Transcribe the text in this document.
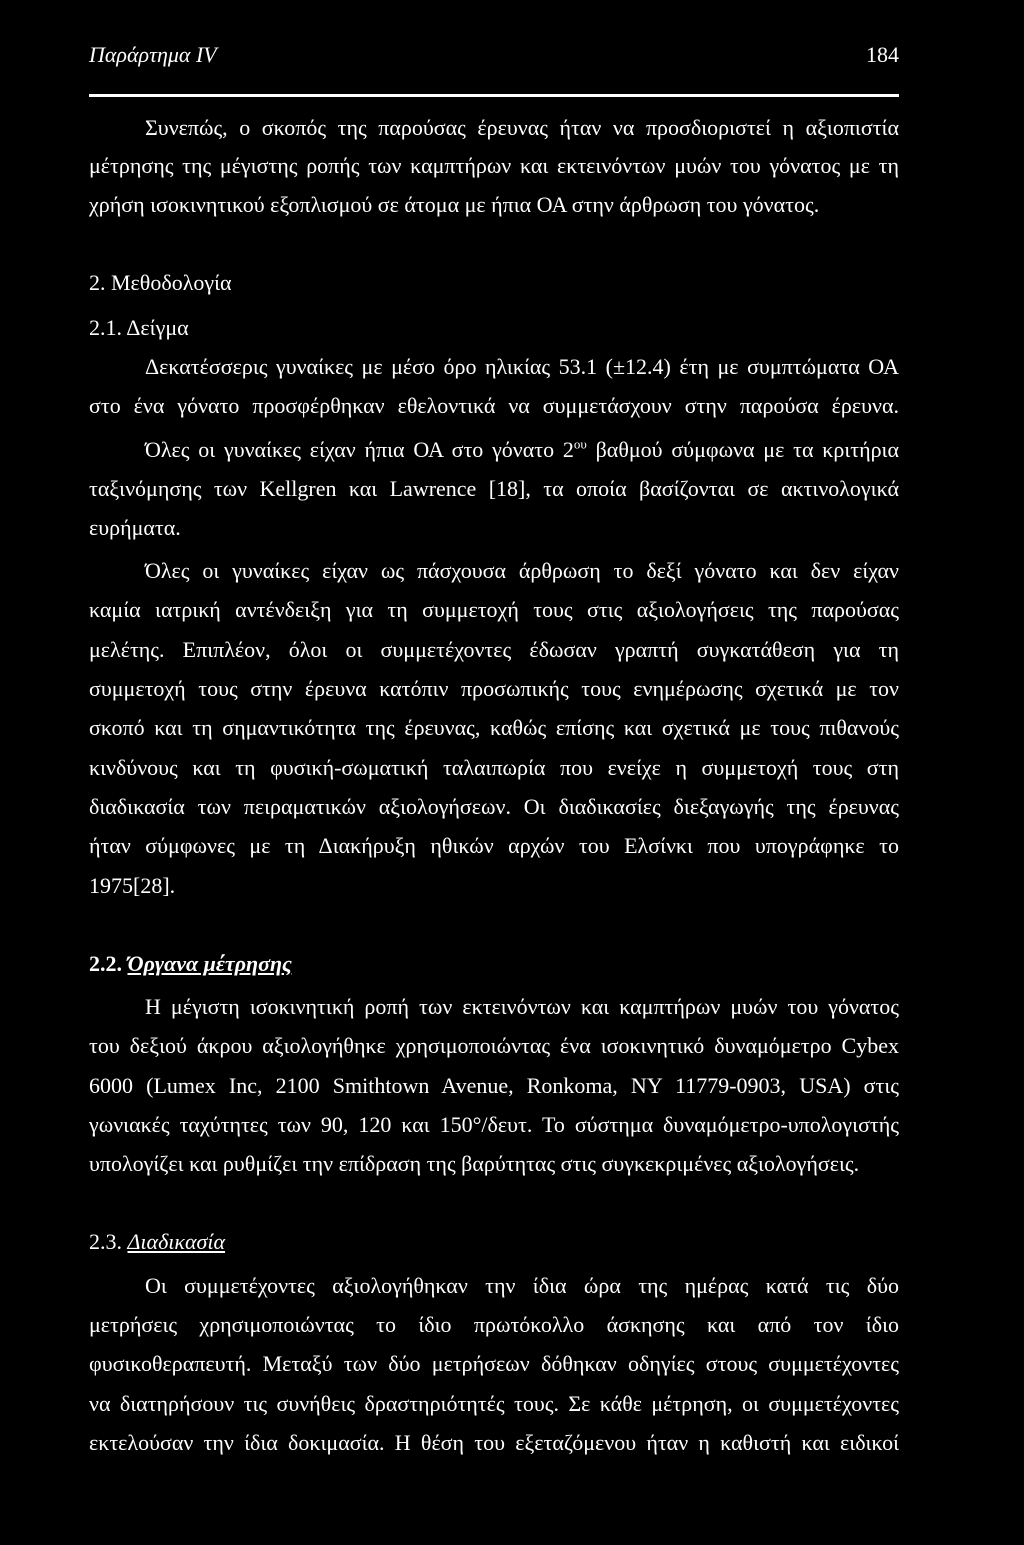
Παράρτημα IV	184
Συνεπώς, ο σκοπός της παρούσας έρευνας ήταν να προσδιοριστεί η αξιοπιστία
μέτρησης της μέγιστης ροπής των καμπτήρων και εκτεινόντων μυών του γόνατος με τη
χρήση ισοκινητικού εξοπλισμού σε άτομα με ήπια ΟΑ στην άρθρωση του γόνατος.
2. Μεθοδολογία
2.1. Δείγμα
Δεκατέσσερις γυναίκες με μέσο όρο ηλικίας 53.1 (±12.4) έτη με συμπτώματα ΟΑ
στο ένα γόνατο προσφέρθηκαν εθελοντικά να συμμετάσχουν στην παρούσα έρευνα.
Όλες οι γυναίκες είχαν ήπια ΟΑ στο γόνατο $2^{o\upsilon}$ βαθμού σύμφωνα με τα κριτήρια
ταξινόμησης των Kellgren και Lawrence [18], τα οποία βασίζονται σε ακτινολογικά
ευρήματα.
Όλες οι γυναίκες είχαν ως πάσχουσα άρθρωση το δεξί γόνατο και δεν είχαν
καμία ιατρική αντένδειξη για τη συμμετοχή τους στις αξιολογήσεις της παρούσας
μελέτης. Επιπλέον, όλοι οι συμμετέχοντες έδωσαν γραπτή συγκατάθεση για τη
συμμετοχή τους στην έρευνα κατόπιν προσωπικής τους ενημέρωσης σχετικά με τον
σκοπό και τη σημαντικότητα της έρευνας, καθώς επίσης και σχετικά με τους πιθανούς
κινδύνους και τη φυσική-σωματική ταλαιπωρία που ενείχε η συμμετοχή τους στη
διαδικασία των πειραματικών αξιολογήσεων. Οι διαδικασίες διεξαγωγής της έρευνας
ήταν σύμφωνες με τη Διακήρυξη ηθικών αρχών του Ελσίνκι που υπογράφηκε το
1975[28].
2.2. Όργανα μέτρησης
Η μέγιστη ισοκινητική ροπή των εκτεινόντων και καμπτήρων μυών του γόνατος
του δεξιού άκρου αξιολογήθηκε χρησιμοποιώντας ένα ισοκινητικό δυναμόμετρο Cybex
6000 (Lumex Inc, 2100 Smithtown Avenue, Ronkoma, NY 11779-0903, USA) στις
γωνιακές ταχύτητες των 90, 120 και 150°/δευτ. Το σύστημα δυναμόμετρο-υπολογιστής
υπολογίζει και ρυθμίζει την επίδραση της βαρύτητας στις συγκεκριμένες αξιολογήσεις.
2.3. Διαδικασία
Οι συμμετέχοντες αξιολογήθηκαν την ίδια ώρα της ημέρας κατά τις δύο
μετρήσεις χρησιμοποιώντας το ίδιο πρωτόκολλο άσκησης και από τον ίδιο
φυσικοθεραπευτή. Μεταξύ των δύο μετρήσεων δόθηκαν οδηγίες στους συμμετέχοντες
να διατηρήσουν τις συνήθεις δραστηριότητές τους. Σε κάθε μέτρηση, οι συμμετέχοντες
εκτελούσαν την ίδια δοκιμασία. Η θέση του εξεταζόμενου ήταν η καθιστή και ειδικοί
